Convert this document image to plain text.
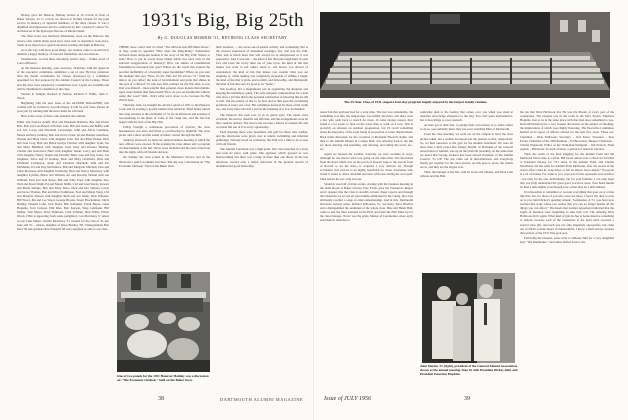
Dickey gave his Hanover Holiday lecture at 10 o'clock in front of Baker Library. At 11 o'clock we moved to Rollins Chapel for the joint service in memory of departed members of the three classes. It was a dignified and impressive service conducted by Rev. Charles P. Gilson '31, Archdeacon of the Episcopal Diocese of Rhode Island.

The final event was luncheon Wednesday noon on the Hanover Inn terrace after which many good-byes were said as departures took place. Some of us stayed on to spend one more evening and night in Hanover.

As is the way with most good things, our reunion came to an end but it remains a happy memory of renewed friendships and associations.

Weatherwise, we had three absolutely perfect days – further proof of Lou's efficiency.

At the business meeting, your secretary, chairman, with the approval of the executive committee, submitted a set of new By-laws patterned after the model constitution for classes developed by a committee appointed for that purpose by the Alumni Council of the College. These new By-laws were adopted by a unanimous vote. Copies are available and will be distributed to members of the class.

Stewart P. Semple, Richard P. Nelson, Richard T. Willis, John C. Wood.

Beginning with the next issue of the ALUMNI MAGAZINE, this column will be written by Lou Morrissey. It will be well done. Please do your part by sending him the news items he will need.

Here is the roster of those who attended the reunion:

Elmer and Frances Ackiff, Bob and Elizabeth Baldwin, Bee and Eloise Bell, Bob and Lois Beach with their sons, Bill and Gloria and Buffie with son Jed, Lacey and Elizabeth Cavanaugh, John and Alicia Cushman, Moses and Kay Gellerty, Bob and Grace Clark, Al and Bonnie Gustafson, Warren and Mary Davis with daughter Joan, Ted and Babe Doane, Dick and Joan Cory, Hall and Helen Gladys Fletcher with daughter Lynn, Joe and Mary Hamilton with daughter Joan, Tony and Eleanor Hasting, Charlie and Genevieve Hunt with daughter Susan, Larry and Alli Hunt with daughter Nancy, Ralph and Dorothy Hunt, Geo and Peg Jones, Joe Stephens, Steve and Vi Kenney, Dick and Mary Litchfield, Dick and Elizabeth Livingston, Andy and Charlotte Marshall, John and Pat McManus, Ed and Kay McNamara, Bill and Margaret Mitchell, Don and Chris Morrison with daughter Katharine, Bud and Nancy Morrissey with daughter Cynthia, Bruce and William, Art and Dorothy Nelson with son William, Paul and Jean Pease, Bill and Sally Pope with daughter Sue, Walt and Doris Smith, Ed and Maren Smith, Carl and Joan Steele, Stewart and Marie Semple, Bob and Mary Shaw, Dick and Dot Simons, Lewis and Grace Thomas, Bob and Olive Tomlinson, Fred and Mabel Voigt, Clif and Marjorie Watson with daughter Ruth and son Jamie, Dick Wheeler, Bill Wood, Jim and Lee Wood, George Brooks, Stuart Brockelman, Chick Bushby, Haskell Cohn, Jack Dodd, Bill Gallagher, Frank Hayes, Gene Hopkins, Tom Jackson, Phil Ries, Bob Kerwin, Shep Lehmann, Bill Muller, Tom Myers, Dave Timmons, Clint Vonthen, Dick Willis, Elliott Olson. (This is appearing from some pamphlet). Lou Morrissey 'n' suited as our Cake Maker. Charlie Morrissey '31 worked for the clan of '31 last June and '31 – dancer, daughter of Dave Bradley '38. Undergraduate Bob Rust '59 and graduate Ron Drauelli '58 were assigned as aide to our class.

1931's Big, Big 25th
By G. DOUGLAS MORRIS '31, RETIRING CLASS SECRETARY

THERE more could well be titled "The Miracle-Just-Off-Main-Street," or they could be appelled "Who Stole the Ding-Dong." Somewhere between those antipodal bounds is the story of the Big 25th. Where to start? How to put in words those things which rise once only in the selected exaggerations of memory? How can smiles of remembered friendship be measured into type? Where are the words that express the peculiar ineffability of a heavenly eager handshake? Where do you start the moment that says "Here, it's the 25th, but I'm always '31." With the mirror do you reflect the look of bewilderment and pride that shines in the eyes of a child-of-'31 who sees Dad, perhaps for the first time, as was Dad was himself – more playful than paternal, more mature than middle-aged, more human than hide-bound? How do you see Dartmouth without using that word? Well... that's what we're about to do, because the Big 25th is here.

Thursday, June 14, brought the advance guard of 1931 to the Hanover scene and by evening a goodly number had settled in. Brief hellos turned into long sessions at the old haunts of '31 for an afternoon and evening of reacquainting in the Buds of Cohe at the camp site, and the fun had begun with the lead of the Big 25th.

Friday brought a continuous procession of arrivals; the class headquarters was alive and filled to overflowing by nightfall. The class picnic and a show and the sound of music carried through the hills.

Saturday afternoon we held our annual business meeting at which the new officers were elected. In the evening the class dinner and a program of entertainment at the Inn. Wives were included and the party lasted late into the night, with old friends and new.

On Sunday the class joined in the Memorial Service and in the afternoon a panel on alumni activities. The day was a discussion on "The Economic Outlook," held on the Baker lawn.

One of two panels for the 1931 Hanover Holiday was a discussion on "The Economic Outlook," held on the Baker lawn.

built sessions; ... the never-out-of-earned solitary and tormenting that is the clearest expression of unleashed nostalgia. Yes, that was the 25th. That, and as much more that will always be as unexpressed as it was expressive. And it was fun ... the kind of fun that puts laugh lines in your face and loses the worry lines out of your brow, the kind of fun that makes you want to tell others about it, and leaves you devoid of explanation; the kind of fun that makes you wonder what you are laughing at, while making you completely incapable of stifling a laugh; the kind of fun that is pride, and warmth, and fellowship, and Dartmouth; the kind of fun that says it's good to be "home."

Jim Godfrey did a magnificent job in organizing the Reunion and keeping the machinery going. The only adequate compensation for a man who does a job like that is the personal satisfaction of knowing that he did it well. Jim has plenty of that to be had, and to him goes the everlasting gratitude of every one of us. His committee deserves its share of the credit too, and every man who had a part in the planning of it is to be thanked.

The Hanover Inn took care of us in grand style. The meals were excellent, the service cheerful and efficient, and the arrangements were all that could be desired. The terrace has become a fixture of reunion life and we made full use of it at every opportunity.

Each morning there were breakfasts and golf for those who wished, and the afternoons were given over to tennis, swimming and informal gatherings. Nobody stood on ceremony; the 25th was a time to be at ease with old friends.

The Alumni Luncheon was a high point. Our class marched in a body and took its place with pride. The applause which greeted us was heartwarming and there was a lump in more than one throat. In the late afternoon created only a minor defection in the greatest stretch of unadulterated good fellowship.

38	DARTMOUTH ALUMNI MAGAZINE
The 25-Year Class of 1931 staged a four-day program hugely enjoyed by the largest family reunion.

tested fun that anybody had for a long time. The feat was remarkable, the swimming was fine, the temperature was mildly attractive, and there were a few who went back to stretch for more. In some strange reason, they found it a lot easier to float on the water than to walk on it now. This is probably an allusion on spiritual progression, but I'd recall something about the buoyancy of the body being in proportion to water displacement. Back home historians for the reception at President Hoover's home, and then to the Alumni Dinner in College Hall, was amazing back to the Inn for more dancing and sparkling, and dancing, and sitting the town, etc., etc.

Again we blessed the weather. Saturday we were working in ways, although no one knows what was going on the same time. The short-haul from the hotel which was on the porch of Rowell Sage to the area in front of Rowell to set the dress, is acquired a very delicate air. Though accidental, this proved to be highly beneficial for those classmates who found it easier to dance downhill and slow with ease during his cool spell. Then before he was a big success.

Saturday was half of main events, starting with the business meeting in the main Room at Baker Library. Pete Evans gave his Treasurer's Report and it appears that the Class is steadily solvent. Paper reports and through the Chairman we accord all stewardship admiration in the voting, the Class ultimately reached a stage of elder-statesmanship. And in this, Dartmouth had more nobody sense. Richard Kilbourne, Sr., Secretary, Dave Bradley and a distinguished the sentiment of the whole class. Hale and Helen Hall, came to and the lines sounded in the Hall. And then the Hall filled up for the class banquet. Never was the pride, Master of Ceremonies, more aptly used than in referring to

somewhat akin to the feeling that comes over you when you stand at attention and pledge allegiance to the flag. You can't quite understand it, but it does things to your stomach.

As men got to their feet, to pledge their own money as to enlist others to do so, you suddenly knew that you were watching Men of Dartmouth.

From the class meeting, we went out on the campus to have the class picture taken, but a sudden downpour put the quietus on that, temporarily. So, we hied ourselves to the gym for the Alumni Luncheon. We were all more than a little proud that Johnny Martin, as President of the General Association of Alumni, was up on the platform presiding. At the same time we heard that George Jackson had been elected President of the Alumni Council. '31 UP! The sun came out in mid-afternoon, and everybody finally got together for the class picture. As this goes to press, the results are in, and they are the largest ever.

Then, the banquet at the Inn, with its toasts and tributes, and Dick Lurk tributes and the Hall.

John Martin '31 (right), president of the General Alumni Association, shown at the annual meeting June 16 with President Dickey (left) and President Emeritus Hopkins.

the job that Dick Holbrook did. He was the Master of every part of the ceremonies. The banquet was in the room in the Inn's Tavern. Emeritus Hopkins. Just to be in the same place with that man does something to you. Dean McDonald gave a very learned discussion on the subject of smoking, the implications of which were highly flattering. The Executive Committee handed in its report of officers elected for the next five years. These are: Chairman – Dick Walbrook; Secretary – Jack Knox; Treasurer – Pete Evans; Chairman of the 30th Reunion – Ed Brownsey; Bequest Chairman – Charlie Engstrom; Editor of the Walk-Ran-Wampum – Jim Francis; Fund Agents – Bill Israel. To each of these, a garland of laurel in advance.

Then, the result of the hard slugging for the Alumni Fund and the Memorial Fund came to a head. Bill Israel turned over a check for $13,842 to President Dickey for '31's share in the Alumni Fund, and Charlie McAllister did the same for Alumni Fund Memorial, after the record of the class's effort came in, done better or felt an impact more deeply." Everyone is a lot of money. For some of you, your part in this represents real sacrifice – not only for the one, individually, but for your families. I can only hope that you fully understand the great good you have done. Your head should be held a little higher even though your wallet may be a little thinner.

It's impossible to remember or recount everything that goes on at a time like this; but, for those of you who were not there, I feel it my duty to pass on to you John Dickey's opening remark: "Gentlemen of '31, you have now reached that stage where you realize that you can no longer handle all the things you can afford." The heads that nodded agreement indicated that the sigma of Reunion were beginning to take their toll. The amazing Dick Holbrook did it again. What kind of guts he has at home must be something to behold, because each of the classmates at the head table received a special class gift, and each was not only singularly appropriate, but came out of Dick's private hoard of memorabilia. I know I shall always treasure that section of the 1931 Yale goal post.

Following the banquet, some went to Webster Hall for a very delightful play "The Rainmaker," and others drifted back to the

Issue of JULY 1956	39
